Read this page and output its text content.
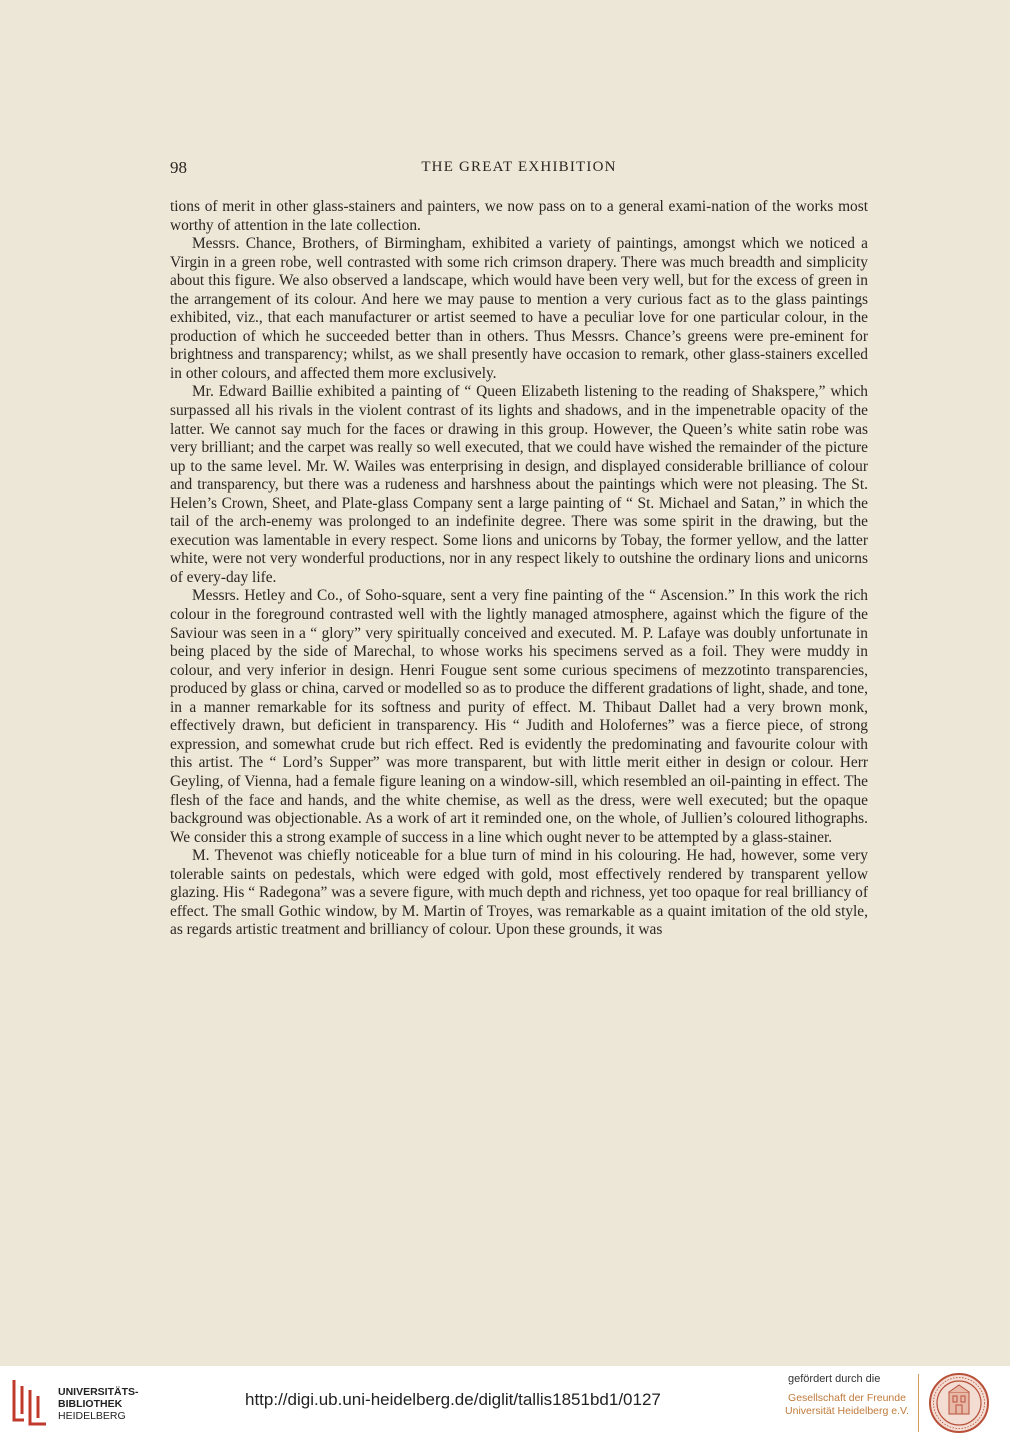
98	THE GREAT EXHIBITION

tions of merit in other glass-stainers and painters, we now pass on to a general exami-nation of the works most worthy of attention in the late collection.

Messrs. Chance, Brothers, of Birmingham, exhibited a variety of paintings, amongst which we noticed a Virgin in a green robe, well contrasted with some rich crimson drapery. There was much breadth and simplicity about this figure. We also observed a landscape, which would have been very well, but for the excess of green in the arrangement of its colour. And here we may pause to mention a very curious fact as to the glass paintings exhibited, viz., that each manufacturer or artist seemed to have a peculiar love for one particular colour, in the production of which he succeeded better than in others. Thus Messrs. Chance’s greens were pre-eminent for brightness and transparency; whilst, as we shall presently have occasion to remark, other glass-stainers excelled in other colours, and affected them more exclusively.

Mr. Edward Baillie exhibited a painting of “ Queen Elizabeth listening to the reading of Shakspere,” which surpassed all his rivals in the violent contrast of its lights and shadows, and in the impenetrable opacity of the latter. We cannot say much for the faces or drawing in this group. However, the Queen’s white satin robe was very brilliant; and the carpet was really so well executed, that we could have wished the remainder of the picture up to the same level. Mr. W. Wailes was enterprising in design, and displayed considerable brilliance of colour and transparency, but there was a rudeness and harshness about the paintings which were not pleasing. The St. Helen’s Crown, Sheet, and Plate-glass Company sent a large painting of “ St. Michael and Satan,” in which the tail of the arch-enemy was prolonged to an indefinite degree. There was some spirit in the drawing, but the execution was lamentable in every respect. Some lions and unicorns by Tobay, the former yellow, and the latter white, were not very wonderful productions, nor in any respect likely to outshine the ordinary lions and unicorns of every-day life.

Messrs. Hetley and Co., of Soho-square, sent a very fine painting of the “ Ascension.” In this work the rich colour in the foreground contrasted well with the lightly managed atmosphere, against which the figure of the Saviour was seen in a “ glory” very spiritually conceived and executed. M. P. Lafaye was doubly unfortunate in being placed by the side of Marechal, to whose works his specimens served as a foil. They were muddy in colour, and very inferior in design. Henri Fougue sent some curious specimens of mezzotinto transparencies, produced by glass or china, carved or modelled so as to produce the different gradations of light, shade, and tone, in a manner remarkable for its softness and purity of effect. M. Thibaut Dallet had a very brown monk, effectively drawn, but deficient in transparency. His “ Judith and Holofernes” was a fierce piece, of strong expression, and somewhat crude but rich effect. Red is evidently the predominating and favourite colour with this artist. The “ Lord’s Supper” was more transparent, but with little merit either in design or colour. Herr Geyling, of Vienna, had a female figure leaning on a window-sill, which resembled an oil-painting in effect. The flesh of the face and hands, and the white chemise, as well as the dress, were well executed; but the opaque background was objectionable. As a work of art it reminded one, on the whole, of Jullien’s coloured lithographs. We consider this a strong example of success in a line which ought never to be attempted by a glass-stainer.

M. Thevenot was chiefly noticeable for a blue turn of mind in his colouring. He had, however, some very tolerable saints on pedestals, which were edged with gold, most effectively rendered by transparent yellow glazing. His “ Radegona” was a severe figure, with much depth and richness, yet too opaque for real brilliancy of effect. The small Gothic window, by M. Martin of Troyes, was remarkable as a quaint imitation of the old style, as regards artistic treatment and brilliancy of colour. Upon these grounds, it was

UNIVERSITÄTS-
BIBLIOTHEK
HEIDELBERG
http://digi.ub.uni-heidelberg.de/diglit/tallis1851bd1/0127
gefördert durch die
Gesellschaft der Freunde
Universität Heidelberg e.V.
